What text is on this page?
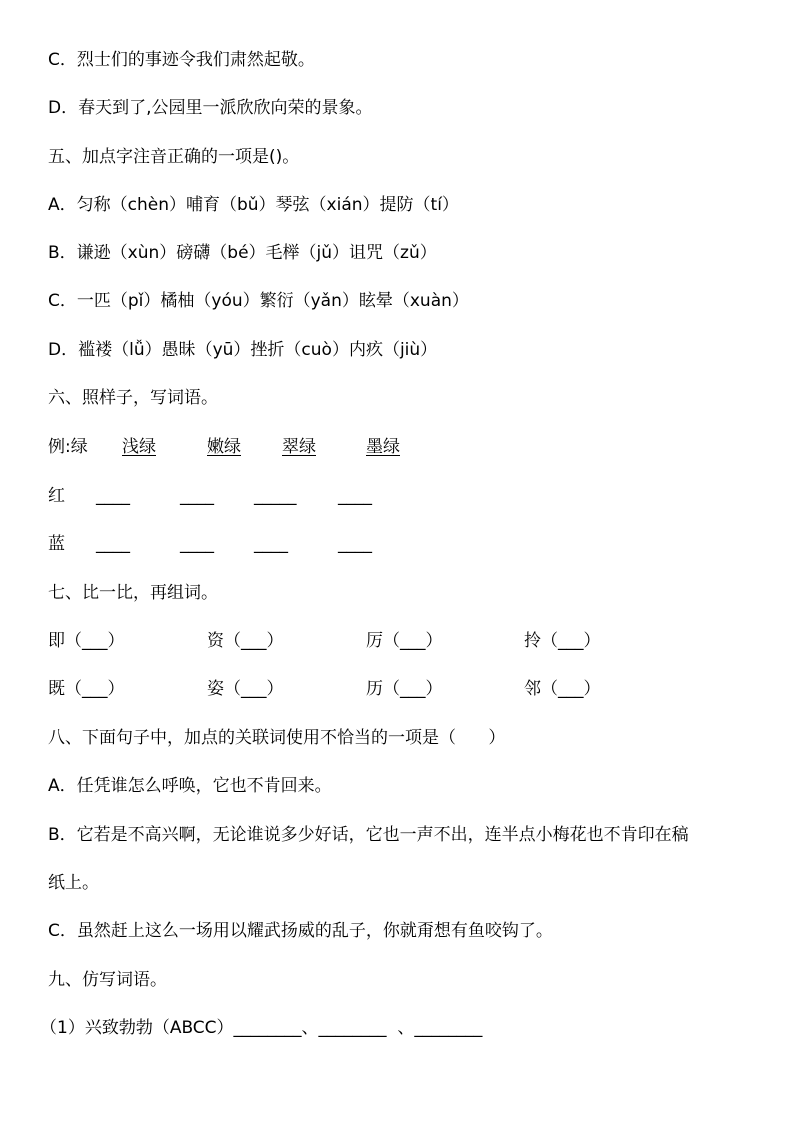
C．烈士们的事迹令我们肃然起敬。
D．春天到了,公园里一派欣欣向荣的景象。
五、加点字注音正确的一项是()。
A．匀称（chèn）哺育（bǔ）琴弦（xián）提防（tí）
B．谦逊（xùn）磅礴（bé）毛榉（jǔ）诅咒（zǔ）
C．一匹（pǐ）橘柚（yóu）繁衍（yǎn）眩晕（xuàn）
D．褴褛（lǚ）愚昧（yū）挫折（cuò）内疚（jiù）
六、照样子，写词语。
例:绿 浅绿	嫩绿 翠绿	墨绿
红 ____	____ _____ ____
蓝 ____	____ ____	____
七、比一比，再组词。
即（___）	资（___）	厉（___）	拎（___）
既（___）	姿（___）	历（___）	邻（___）
八、下面句子中，加点的关联词使用不恰当的一项是（      ）
A．任凭谁怎么呼唤，它也不肯回来。
B．它若是不高兴啊，无论谁说多少好话，它也一声不出，连半点小梅花也不肯印在稿
纸上。
C．虽然赶上这么一场用以耀武扬威的乱子，你就甭想有鱼咬钩了。
九、仿写词语。
（1）兴致勃勃（ABCC）________、________  、________
